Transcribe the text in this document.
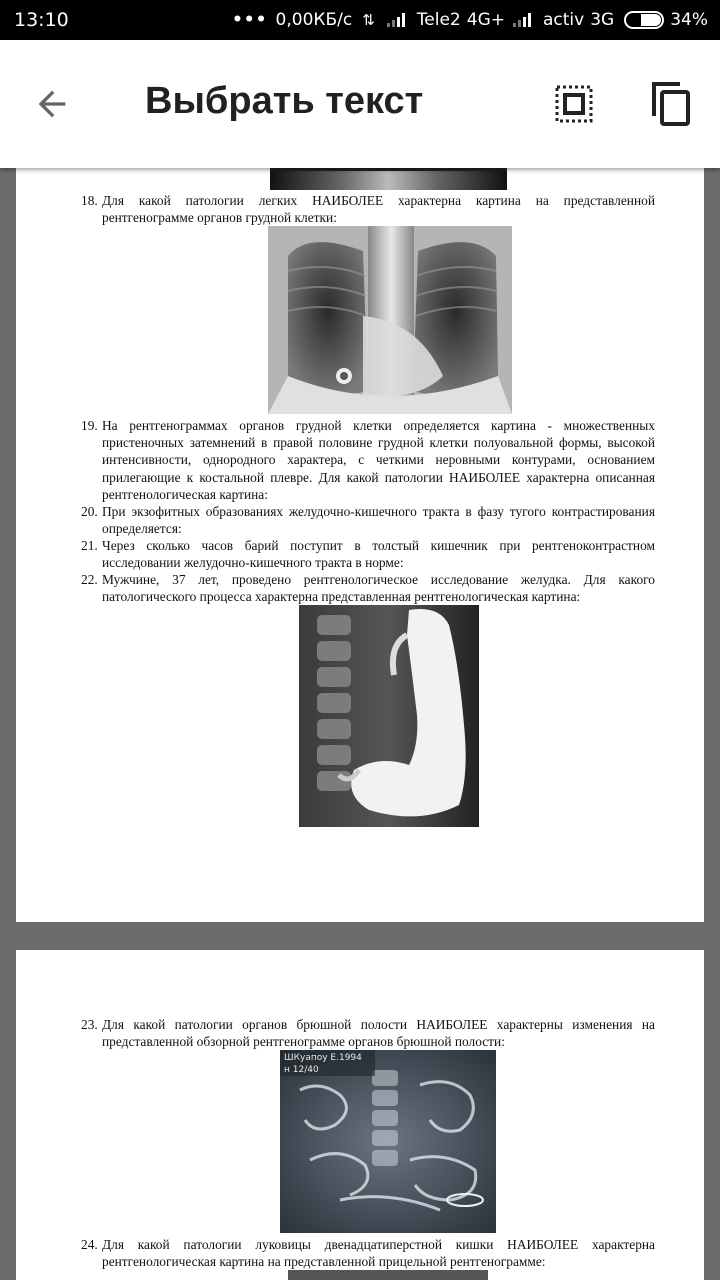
13:10	••• 0,00КБ/с ⇅ Tele2 4G+ activ 3G	34%
Выбрать текст

18. Для какой патологии легких НАИБОЛЕЕ характерна картина на представленной рентгенограмме органов грудной клетки:

19. На рентгенограммах органов грудной клетки определяется картина - множественных пристеночных затемнений в правой половине грудной клетки полуовальной формы, высокой интенсивности, однородного характера, с четкими неровными контурами, основанием прилегающие к костальной плевре. Для какой патологии НАИБОЛЕЕ характерна описанная рентгенологическая картина:

20. При экзофитных образованиях желудочно-кишечного тракта в фазу тугого контрастирования определяется:

21. Через сколько часов барий поступит в толстый кишечник при рентгеноконтрастном исследовании желудочно-кишечного тракта в норме:

22. Мужчине, 37 лет, проведено рентгенологическое исследование желудка. Для какого патологического процесса характерна представленная рентгенологическая картина:

23. Для какой патологии органов брюшной полости НАИБОЛЕЕ характерны изменения на представленной обзорной рентгенограмме органов брюшной полости:

ШКуапоу Е.1994
н 12/40

24. Для какой патологии луковицы двенадцатиперстной кишки НАИБОЛЕЕ характерна рентгенологическая картина на представленной прицельной рентгенограмме:
